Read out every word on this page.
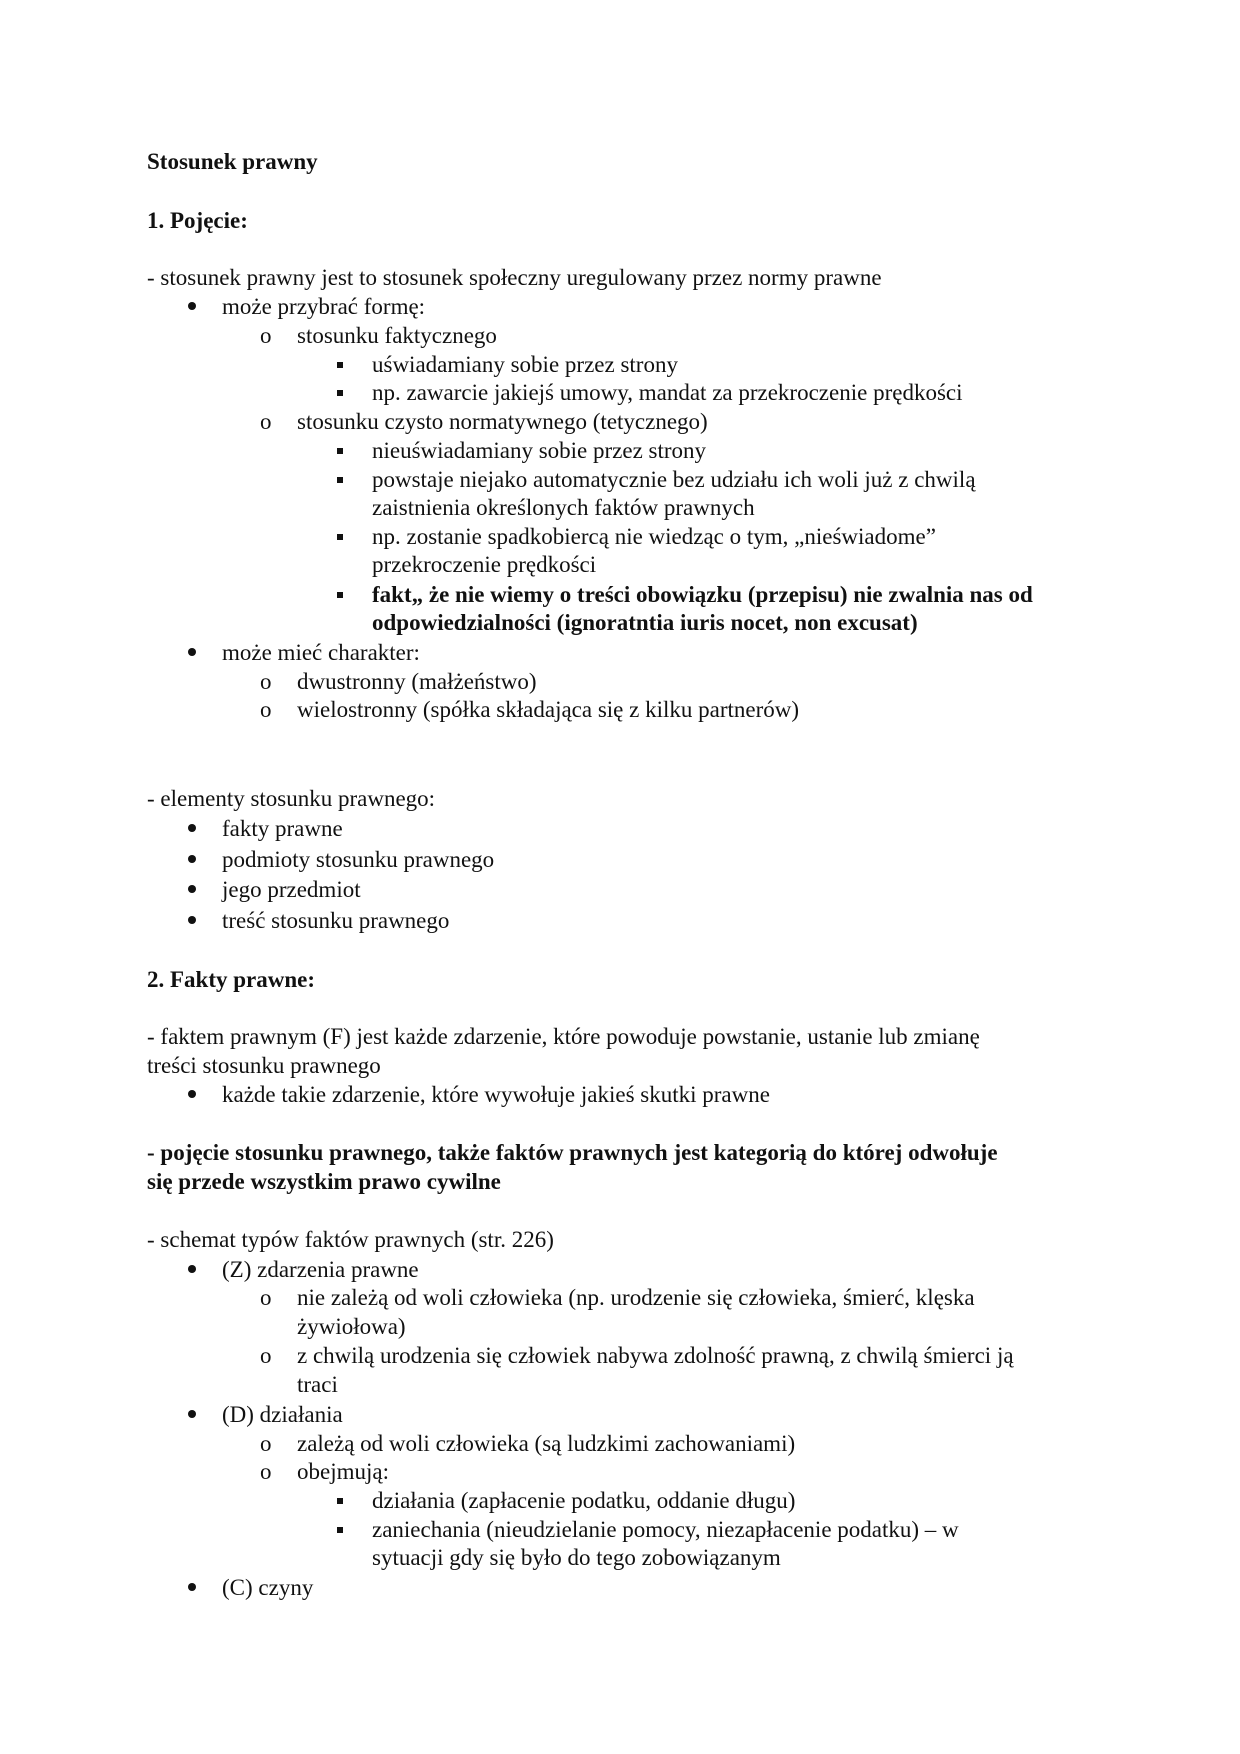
Stosunek prawny
1. Pojęcie:
- stosunek prawny jest to stosunek społeczny uregulowany przez normy prawne
może przybrać formę:
o stosunku faktycznego
uświadamiany sobie przez strony
np. zawarcie jakiejś umowy, mandat za przekroczenie prędkości
o stosunku czysto normatywnego (tetycznego)
nieuświadamiany sobie przez strony
powstaje niejako automatycznie bez udziału ich woli już z chwilą
zaistnienia określonych faktów prawnych
np. zostanie spadkobiercą nie wiedząc o tym, „nieświadome”
przekroczenie prędkości
fakt„ że nie wiemy o treści obowiązku (przepisu) nie zwalnia nas od
odpowiedzialności (ignoratntia iuris nocet, non excusat)
może mieć charakter:
o dwustronny (małżeństwo)
o wielostronny (spółka składająca się z kilku partnerów)
- elementy stosunku prawnego:
fakty prawne
podmioty stosunku prawnego
jego przedmiot
treść stosunku prawnego
2. Fakty prawne:
- faktem prawnym (F) jest każde zdarzenie, które powoduje powstanie, ustanie lub zmianę
treści stosunku prawnego
każde takie zdarzenie, które wywołuje jakieś skutki prawne
- pojęcie stosunku prawnego, także faktów prawnych jest kategorią do której odwołuje
się przede wszystkim prawo cywilne
- schemat typów faktów prawnych (str. 226)
(Z) zdarzenia prawne
o nie zależą od woli człowieka (np. urodzenie się człowieka, śmierć, klęska
żywiołowa)
o z chwilą urodzenia się człowiek nabywa zdolność prawną, z chwilą śmierci ją
traci
(D) działania
o zależą od woli człowieka (są ludzkimi zachowaniami)
o obejmują:
działania (zapłacenie podatku, oddanie długu)
zaniechania (nieudzielanie pomocy, niezapłacenie podatku) – w
sytuacji gdy się było do tego zobowiązanym
(C) czyny
